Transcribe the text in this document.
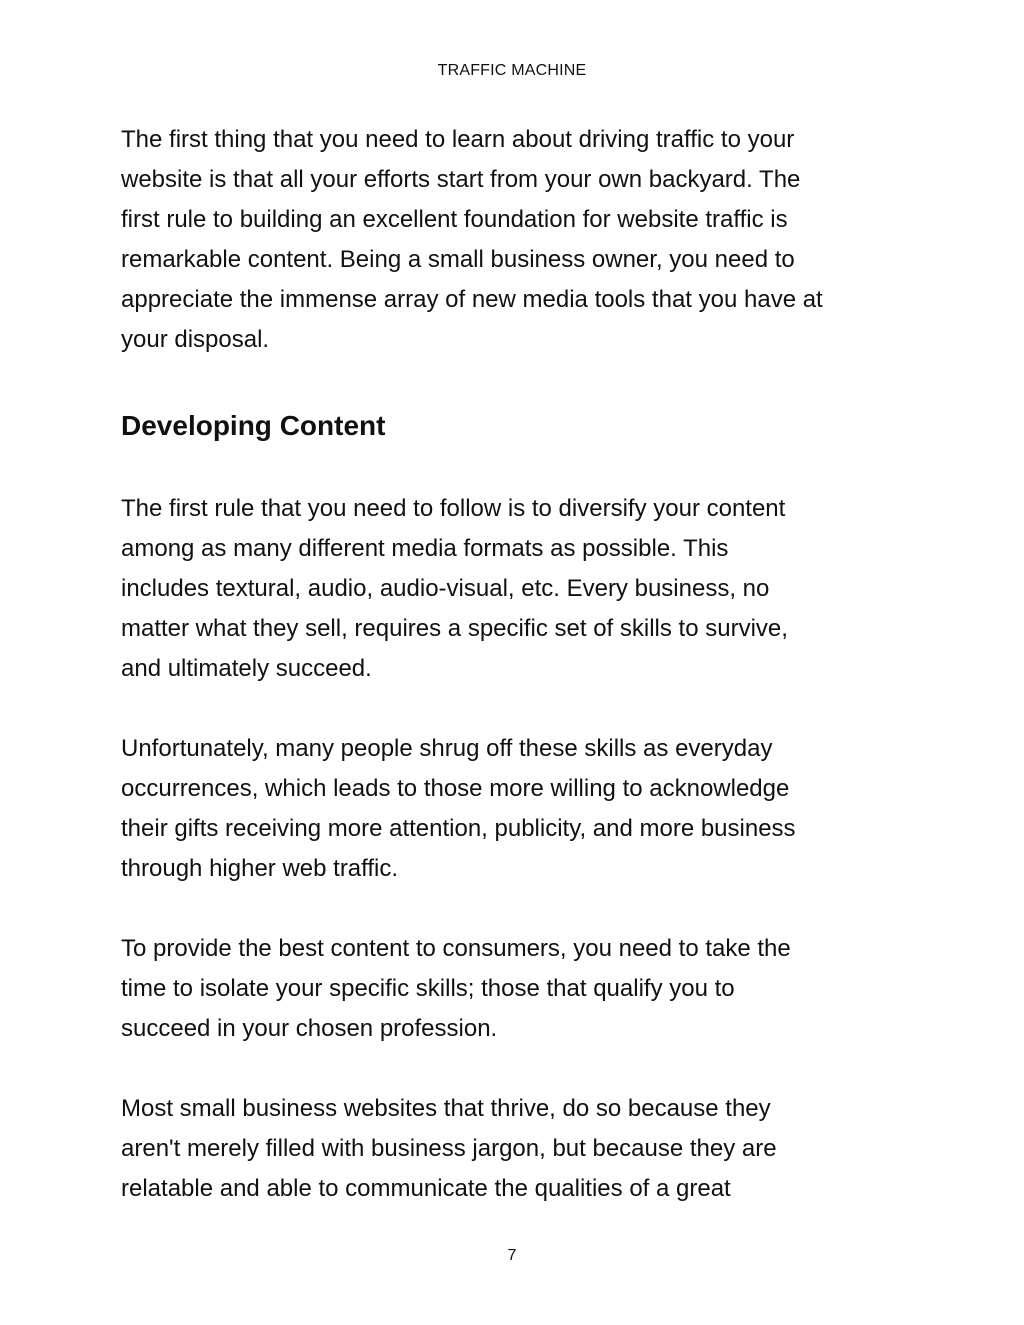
TRAFFIC MACHINE

The first thing that you need to learn about driving traffic to your
website is that all your efforts start from your own backyard. The
first rule to building an excellent foundation for website traffic is
remarkable content. Being a small business owner, you need to
appreciate the immense array of new media tools that you have at
your disposal.

Developing Content

The first rule that you need to follow is to diversify your content
among as many different media formats as possible. This
includes textural, audio, audio-visual, etc. Every business, no
matter what they sell, requires a specific set of skills to survive,
and ultimately succeed.

Unfortunately, many people shrug off these skills as everyday
occurrences, which leads to those more willing to acknowledge
their gifts receiving more attention, publicity, and more business
through higher web traffic.

To provide the best content to consumers, you need to take the
time to isolate your specific skills; those that qualify you to
succeed in your chosen profession.

Most small business websites that thrive, do so because they
aren't merely filled with business jargon, but because they are
relatable and able to communicate the qualities of a great

7
